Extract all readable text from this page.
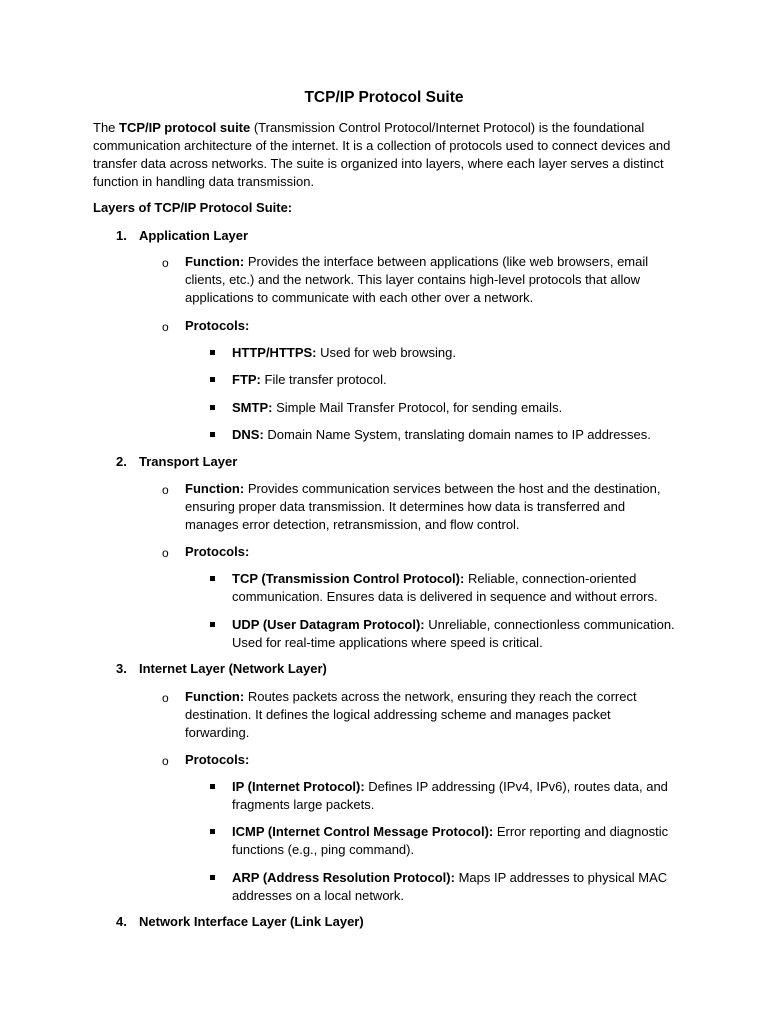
TCP/IP Protocol Suite

The TCP/IP protocol suite (Transmission Control Protocol/Internet Protocol) is the foundational communication architecture of the internet. It is a collection of protocols used to connect devices and transfer data across networks. The suite is organized into layers, where each layer serves a distinct function in handling data transmission.

Layers of TCP/IP Protocol Suite:
1. Application Layer
o Function: Provides the interface between applications (like web browsers, email clients, etc.) and the network. This layer contains high-level protocols that allow applications to communicate with each other over a network.

o Protocols:

HTTP/HTTPS: Used for web browsing.

FTP: File transfer protocol.

SMTP: Simple Mail Transfer Protocol, for sending emails.

DNS: Domain Name System, translating domain names to IP addresses.

2. Transport Layer
o Function: Provides communication services between the host and the destination, ensuring proper data transmission. It determines how data is transferred and manages error detection, retransmission, and flow control.

o Protocols:

TCP (Transmission Control Protocol): Reliable, connection-oriented communication. Ensures data is delivered in sequence and without errors.

UDP (User Datagram Protocol): Unreliable, connectionless communication. Used for real-time applications where speed is critical.

3. Internet Layer (Network Layer)
o Function: Routes packets across the network, ensuring they reach the correct destination. It defines the logical addressing scheme and manages packet forwarding.

o Protocols:

IP (Internet Protocol): Defines IP addressing (IPv4, IPv6), routes data, and fragments large packets.

ICMP (Internet Control Message Protocol): Error reporting and diagnostic functions (e.g., ping command).

ARP (Address Resolution Protocol): Maps IP addresses to physical MAC addresses on a local network.

4. Network Interface Layer (Link Layer)
